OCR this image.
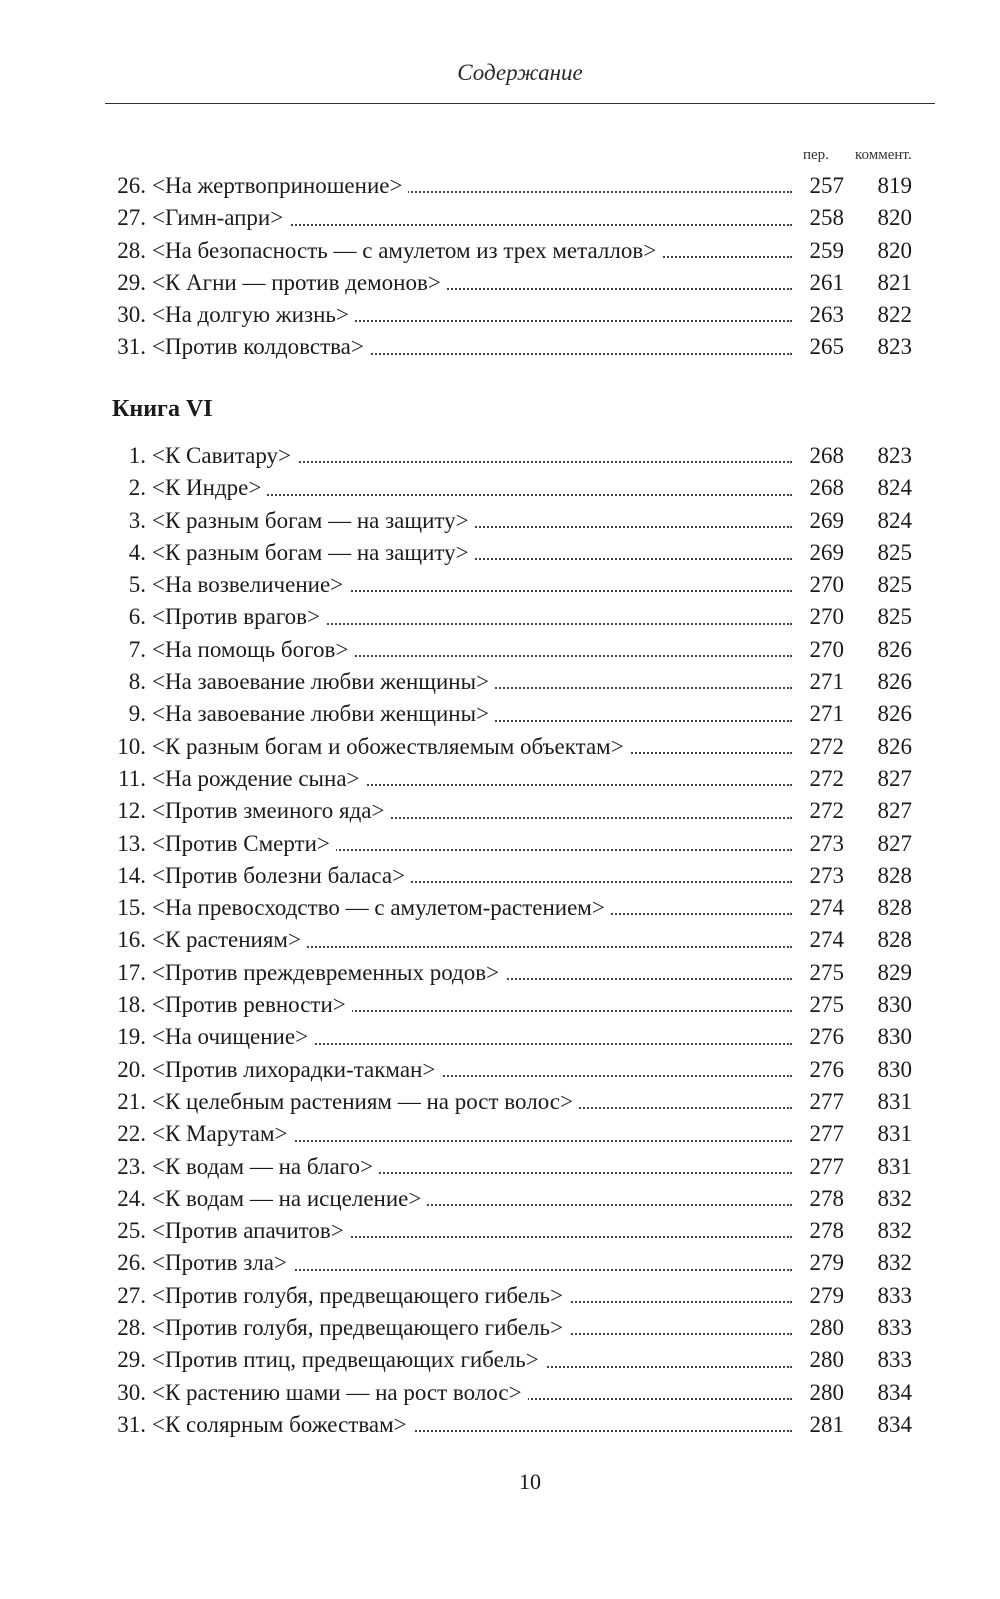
Содержание
пер.	коммент.
26. <На жертвоприношение>	257	819
27. <Гимн-апри>	258	820
28. <На безопасность — с амулетом из трех металлов>	259	820
29. <К Агни — против демонов>	261	821
30. <На долгую жизнь>	263	822
31. <Против колдовства>	265	823
Книга VI
1. <К Савитару>	268	823
2. <К Индре>	268	824
3. <К разным богам — на защиту>	269	824
4. <К разным богам — на защиту>	269	825
5. <На возвеличение>	270	825
6. <Против врагов>	270	825
7. <На помощь богов>	270	826
8. <На завоевание любви женщины>	271	826
9. <На завоевание любви женщины>	271	826
10. <К разным богам и обожествляемым объектам>	272	826
11. <На рождение сына>	272	827
12. <Против змеиного яда>	272	827
13. <Против Смерти>	273	827
14. <Против болезни баласа>	273	828
15. <На превосходство — с амулетом-растением>	274	828
16. <К растениям>	274	828
17. <Против преждевременных родов>	275	829
18. <Против ревности>	275	830
19. <На очищение>	276	830
20. <Против лихорадки-такман>	276	830
21. <К целебным растениям — на рост волос>	277	831
22. <К Марутам>	277	831
23. <К водам — на благо>	277	831
24. <К водам — на исцеление>	278	832
25. <Против апачитов>	278	832
26. <Против зла>	279	832
27. <Против голубя, предвещающего гибель>	279	833
28. <Против голубя, предвещающего гибель>	280	833
29. <Против птиц, предвещающих гибель>	280	833
30. <К растению шами — на рост волос>	280	834
31. <К солярным божествам>	281	834
10
